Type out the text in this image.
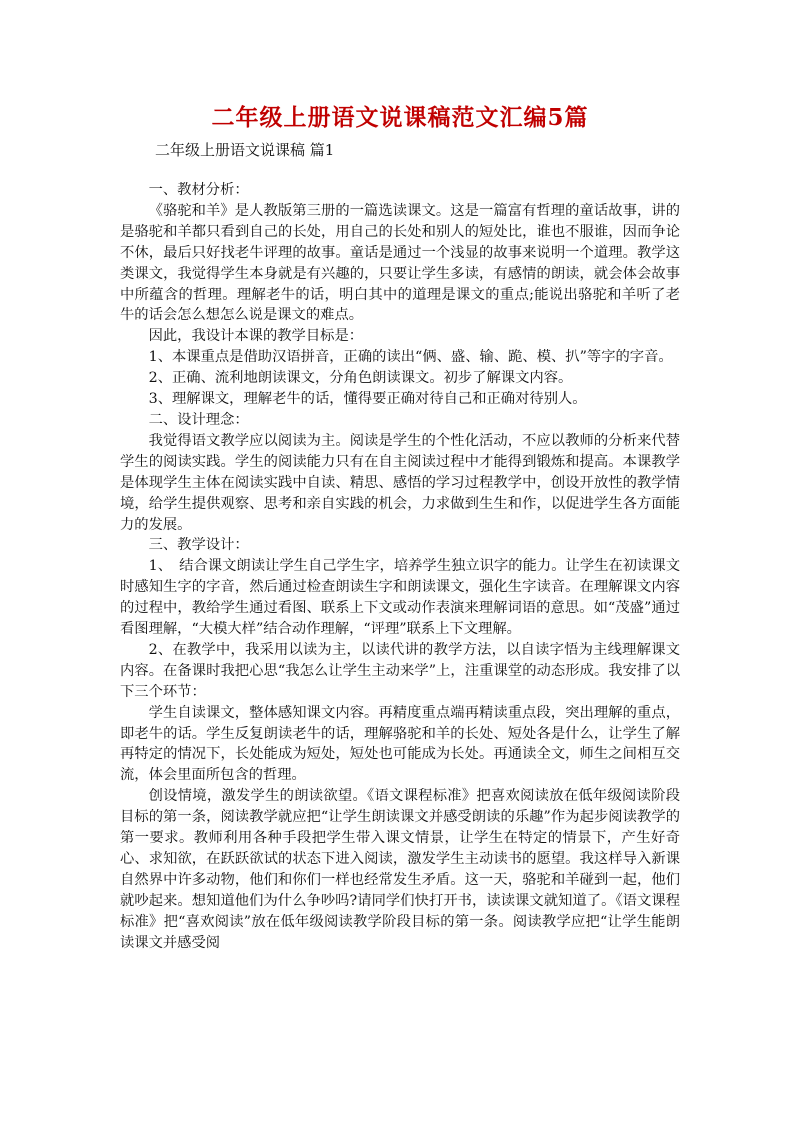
二年级上册语文说课稿范文汇编5篇
二年级上册语文说课稿 篇1

一、教材分析：

《骆驼和羊》是人教版第三册的一篇选读课文。这是一篇富有哲理的童话故事，讲的是骆驼和羊都只看到自己的长处，用自己的长处和别人的短处比，谁也不服谁，因而争论不休，最后只好找老牛评理的故事。童话是通过一个浅显的故事来说明一个道理。教学这类课文，我觉得学生本身就是有兴趣的，只要让学生多读，有感情的朗读，就会体会故事中所蕴含的哲理。理解老牛的话，明白其中的道理是课文的重点;能说出骆驼和羊听了老牛的话会怎么想怎么说是课文的难点。

因此，我设计本课的教学目标是：

1、本课重点是借助汉语拼音，正确的读出“俩、盛、输、跪、模、扒”等字的字音。

2、正确、流利地朗读课文，分角色朗读课文。初步了解课文内容。

3、理解课文，理解老牛的话，懂得要正确对待自己和正确对待别人。

二、设计理念：

我觉得语文教学应以阅读为主。阅读是学生的个性化活动，不应以教师的分析来代替学生的阅读实践。学生的阅读能力只有在自主阅读过程中才能得到锻炼和提高。本课教学是体现学生主体在阅读实践中自读、精思、感悟的学习过程教学中，创设开放性的教学情境，给学生提供观察、思考和亲自实践的机会，力求做到生生和作，以促进学生各方面能力的发展。

三、教学设计：

1、　结合课文朗读让学生自己学生字，培养学生独立识字的能力。让学生在初读课文时感知生字的字音，然后通过检查朗读生字和朗读课文，强化生字读音。在理解课文内容的过程中，教给学生通过看图、联系上下文或动作表演来理解词语的意思。如“茂盛”通过看图理解，“大模大样”结合动作理解，“评理”联系上下文理解。

2、在教学中，我采用以读为主，以读代讲的教学方法，以自读字悟为主线理解课文内容。在备课时我把心思“我怎么让学生主动来学”上，注重课堂的动态形成。我安排了以下三个环节：

学生自读课文，整体感知课文内容。再精度重点端再精读重点段，突出理解的重点，即老牛的话。学生反复朗读老牛的话，理解骆驼和羊的长处、短处各是什么，让学生了解再特定的情况下，长处能成为短处，短处也可能成为长处。再通读全文，师生之间相互交流，体会里面所包含的哲理。

创设情境，激发学生的朗读欲望。《语文课程标准》把喜欢阅读放在低年级阅读阶段目标的第一条，阅读教学就应把“让学生朗读课文并感受朗读的乐趣”作为起步阅读教学的第一要求。教师利用各种手段把学生带入课文情景，让学生在特定的情景下，产生好奇心、求知欲，在跃跃欲试的状态下进入阅读，激发学生主动读书的愿望。我这样导入新课 自然界中许多动物，他们和你们一样也经常发生矛盾。这一天，骆驼和羊碰到一起，他们就吵起来。想知道他们为什么争吵吗?请同学们快打开书，读读课文就知道了。《语文课程标准》把“喜欢阅读”放在低年级阅读教学阶段目标的第一条。阅读教学应把“让学生能朗读课文并感受阅
